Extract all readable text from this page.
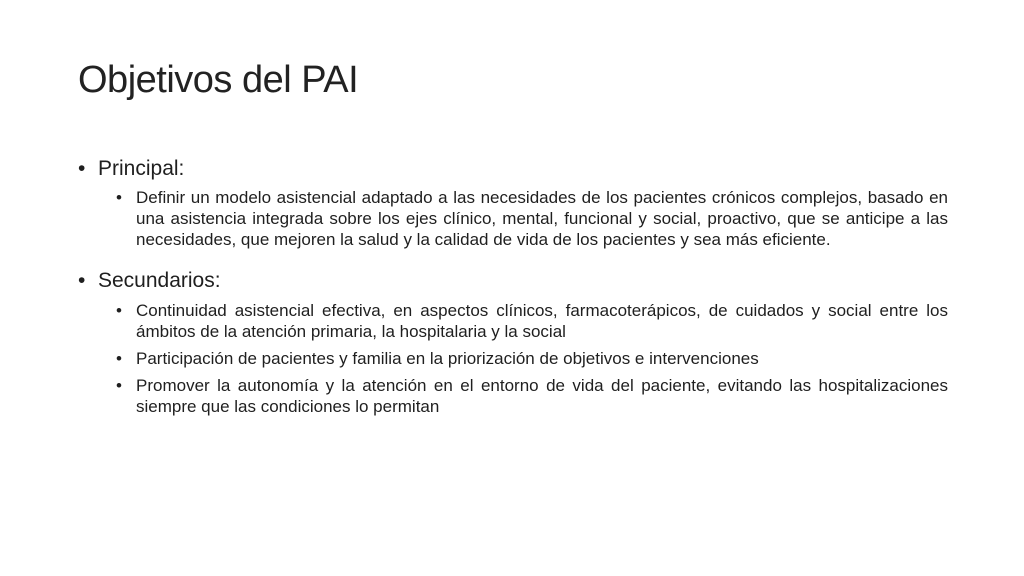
Objetivos del PAI
• Principal:
• Definir un modelo asistencial adaptado a las necesidades de los pacientes crónicos complejos, basado en una asistencia integrada sobre los ejes clínico, mental, funcional y social, proactivo, que se anticipe a las necesidades, que mejoren la salud y la calidad de vida de los pacientes y sea más eficiente.
• Secundarios:
• Continuidad asistencial efectiva, en aspectos clínicos, farmacoterápicos, de cuidados y social entre los ámbitos de la atención primaria, la hospitalaria y la social
• Participación de pacientes y familia en la priorización de objetivos e intervenciones
• Promover la autonomía y la atención en el entorno de vida del paciente, evitando las hospitalizaciones siempre que las condiciones lo permitan
